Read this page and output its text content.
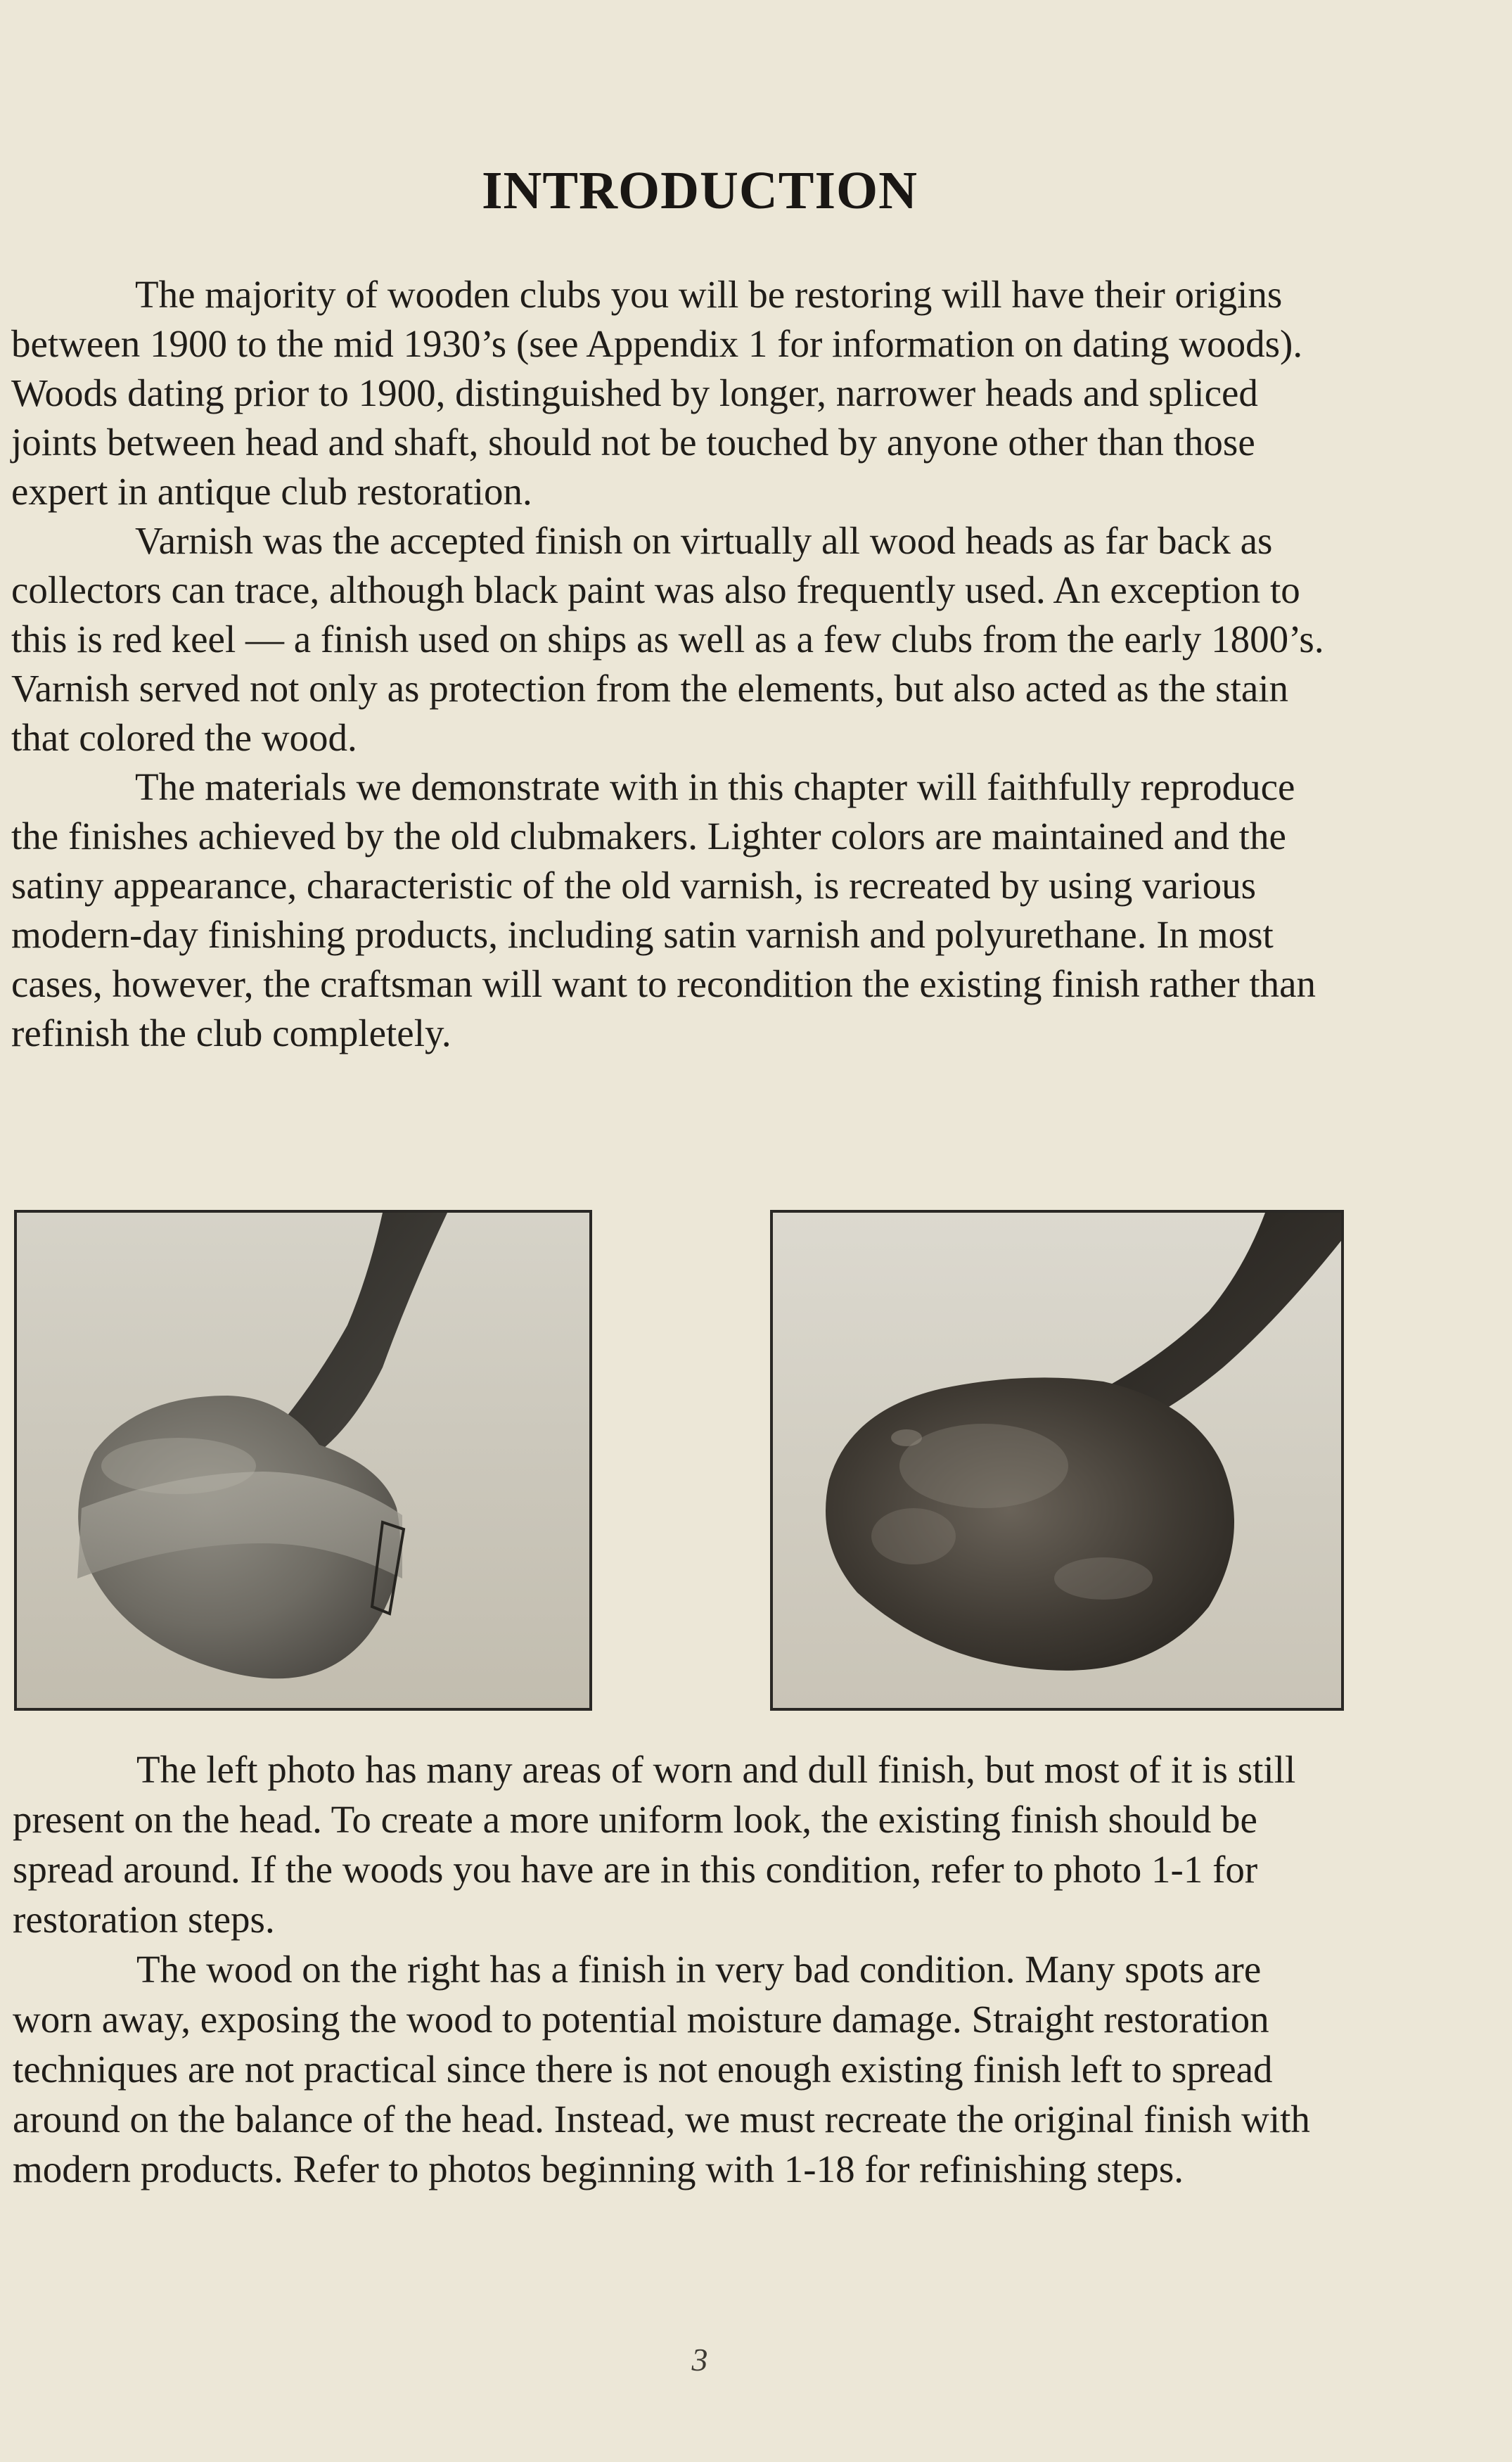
INTRODUCTION

The majority of wooden clubs you will be restoring will have their origins between 1900 to the mid 1930’s (see Appendix 1 for information on dating woods). Woods dating prior to 1900, distinguished by longer, narrower heads and spliced joints between head and shaft, should not be touched by anyone other than those expert in antique club restoration.

Varnish was the accepted finish on virtually all wood heads as far back as collectors can trace, although black paint was also frequently used. An exception to this is red keel — a finish used on ships as well as a few clubs from the early 1800’s. Varnish served not only as protection from the elements, but also acted as the stain that colored the wood.

The materials we demonstrate with in this chapter will faithfully reproduce the finishes achieved by the old clubmakers. Lighter colors are maintained and the satiny appearance, characteristic of the old varnish, is recreated by using various modern-day finishing products, including satin varnish and polyurethane. In most cases, however, the craftsman will want to recondition the existing finish rather than refinish the club completely.

The left photo has many areas of worn and dull finish, but most of it is still present on the head. To create a more uniform look, the existing finish should be spread around. If the woods you have are in this condition, refer to photo 1-1 for restoration steps.

The wood on the right has a finish in very bad condition. Many spots are worn away, exposing the wood to potential moisture damage. Straight restoration techniques are not practical since there is not enough existing finish left to spread around on the balance of the head. Instead, we must recreate the original finish with modern products. Refer to photos beginning with 1-18 for refinishing steps.

3
